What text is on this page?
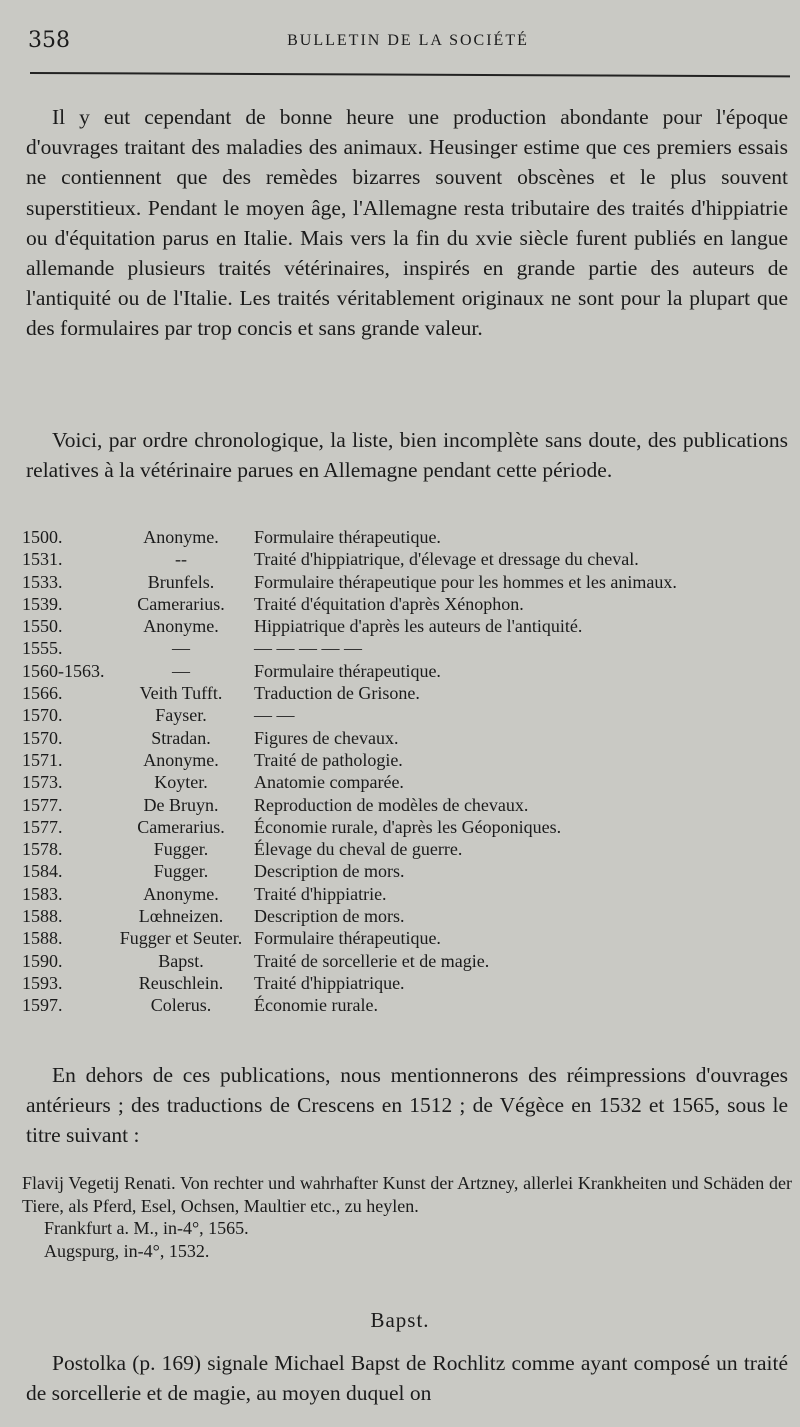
358	BULLETIN DE LA SOCIÉTÉ

Il y eut cependant de bonne heure une production abondante pour l'époque d'ouvrages traitant des maladies des animaux. Heusinger estime que ces premiers essais ne contiennent que des remèdes bizarres souvent obscènes et le plus souvent superstitieux. Pendant le moyen âge, l'Allemagne resta tributaire des traités d'hippiatrie ou d'équitation parus en Italie. Mais vers la fin du xvie siècle furent publiés en langue allemande plusieurs traités vétérinaires, inspirés en grande partie des auteurs de l'antiquité ou de l'Italie. Les traités véritablement originaux ne sont pour la plupart que des formulaires par trop concis et sans grande valeur.

Voici, par ordre chronologique, la liste, bien incomplète sans doute, des publications relatives à la vétérinaire parues en Allemagne pendant cette période.

1500.	Anonyme.	Formulaire thérapeutique.
1531.	--	Traité d'hippiatrique, d'élevage et dressage du cheval.
1533.	Brunfels.	Formulaire thérapeutique pour les hommes et les animaux.
1539.	Camerarius.	Traité d'équitation d'après Xénophon.
1550.	Anonyme.	Hippiatrique d'après les auteurs de l'antiquité.
1555.	—	— — — — —
1560-1563.	—	Formulaire thérapeutique.
1566.	Veith Tufft.	Traduction de Grisone.
1570.	Fayser.	— —
1570.	Stradan.	Figures de chevaux.
1571.	Anonyme.	Traité de pathologie.
1573.	Koyter.	Anatomie comparée.
1577.	De Bruyn.	Reproduction de modèles de chevaux.
1577.	Camerarius.	Économie rurale, d'après les Géoponiques.
1578.	Fugger.	Élevage du cheval de guerre.
1584.	Fugger.	Description de mors.
1583.	Anonyme.	Traité d'hippiatrie.
1588.	Lœhneizen.	Description de mors.
1588.	Fugger et Seuter. Formulaire thérapeutique.
1590.	Bapst.	Traité de sorcellerie et de magie.
1593.	Reuschlein.	Traité d'hippiatrique.
1597.	Colerus.	Économie rurale.

En dehors de ces publications, nous mentionnerons des réimpressions d'ouvrages antérieurs ; des traductions de Crescens en 1512 ; de Végèce en 1532 et 1565, sous le titre suivant :

Flavij Vegetij Renati. Von rechter und wahrhafter Kunst der Artzney, allerlei Krankheiten und Schäden der Tiere, als Pferd, Esel, Ochsen, Maultier etc., zu heylen.

Frankfurt a. M., in-4°, 1565.

Augspurg, in-4°, 1532.

Bapst.

Postolka (p. 169) signale Michael Bapst de Rochlitz comme ayant composé un traité de sorcellerie et de magie, au moyen duquel on
